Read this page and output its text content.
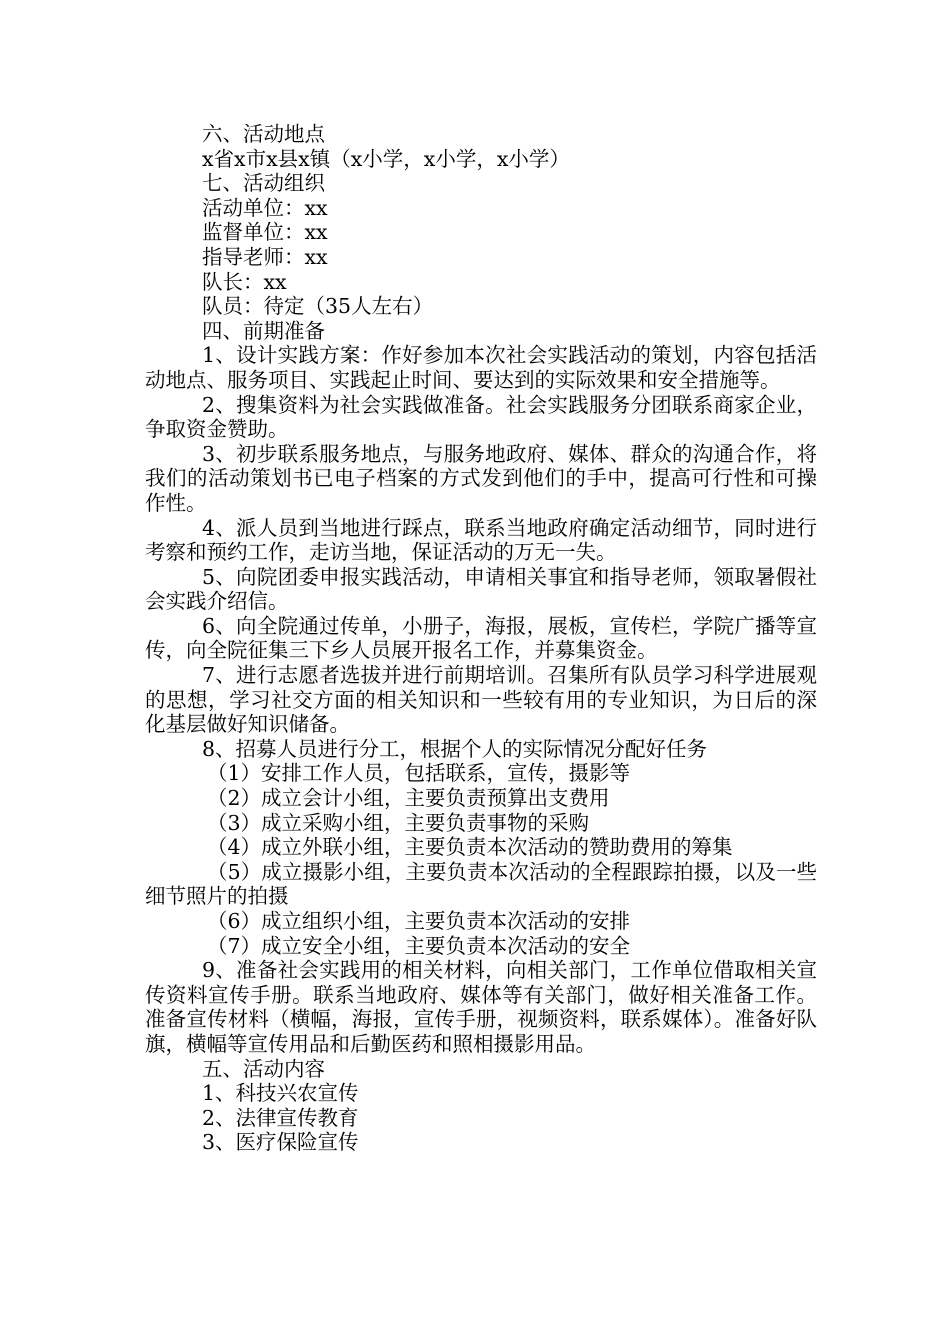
六、活动地点
x省x市x县x镇（x小学，x小学，x小学）
七、活动组织
活动单位：xx
监督单位：xx
指导老师：xx
队长：xx
队员：待定（35人左右）
四、前期准备
1、设计实践方案：作好参加本次社会实践活动的策划，内容包括活动地点、服务项目、实践起止时间、要达到的实际效果和安全措施等。
2、搜集资料为社会实践做准备。社会实践服务分团联系商家企业，争取资金赞助。
3、初步联系服务地点，与服务地政府、媒体、群众的沟通合作，将我们的活动策划书已电子档案的方式发到他们的手中，提高可行性和可操作性。
4、派人员到当地进行踩点，联系当地政府确定活动细节，同时进行考察和预约工作，走访当地，保证活动的万无一失。
5、向院团委申报实践活动，申请相关事宜和指导老师，领取暑假社会实践介绍信。
6、向全院通过传单，小册子，海报，展板，宣传栏，学院广播等宣传，向全院征集三下乡人员展开报名工作，并募集资金。
7、进行志愿者选拔并进行前期培训。召集所有队员学习科学进展观的思想，学习社交方面的相关知识和一些较有用的专业知识，为日后的深化基层做好知识储备。
8、招募人员进行分工，根据个人的实际情况分配好任务
（1）安排工作人员，包括联系，宣传，摄影等
（2）成立会计小组，主要负责预算出支费用
（3）成立采购小组，主要负责事物的采购
（4）成立外联小组，主要负责本次活动的赞助费用的筹集
（5）成立摄影小组，主要负责本次活动的全程跟踪拍摄，以及一些细节照片的拍摄
（6）成立组织小组，主要负责本次活动的安排
（7）成立安全小组，主要负责本次活动的安全
9、准备社会实践用的相关材料，向相关部门，工作单位借取相关宣传资料宣传手册。联系当地政府、媒体等有关部门，做好相关准备工作。准备宣传材料（横幅，海报，宣传手册，视频资料，联系媒体）。准备好队旗，横幅等宣传用品和后勤医药和照相摄影用品。
五、活动内容
1、科技兴农宣传
2、法律宣传教育
3、医疗保险宣传
